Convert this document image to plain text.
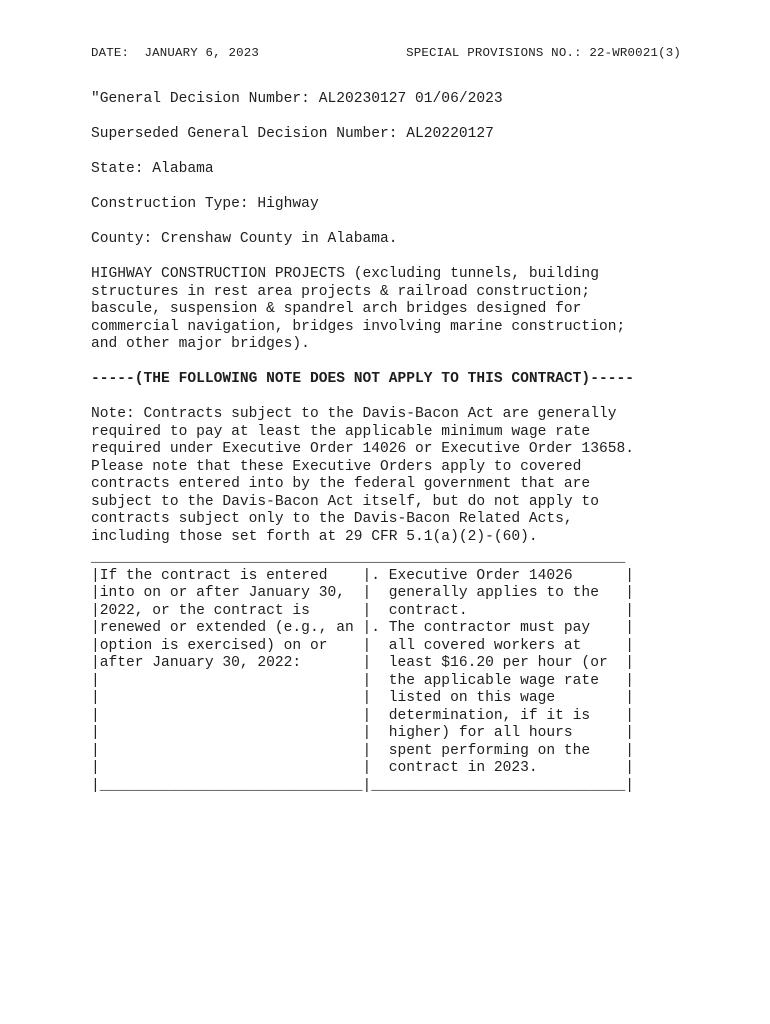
DATE:  JANUARY 6, 2023	SPECIAL PROVISIONS NO.: 22-WR0021(3)

"General Decision Number: AL20230127 01/06/2023

Superseded General Decision Number: AL20220127

State: Alabama

Construction Type: Highway

County: Crenshaw County in Alabama.

HIGHWAY CONSTRUCTION PROJECTS (excluding tunnels, building
structures in rest area projects & railroad construction;
bascule, suspension & spandrel arch bridges designed for
commercial navigation, bridges involving marine construction;
and other major bridges).

-----(THE FOLLOWING NOTE DOES NOT APPLY TO THIS CONTRACT)-----

Note: Contracts subject to the Davis-Bacon Act are generally
required to pay at least the applicable minimum wage rate
required under Executive Order 14026 or Executive Order 13658.
Please note that these Executive Orders apply to covered
contracts entered into by the federal government that are
subject to the Davis-Bacon Act itself, but do not apply to
contracts subject only to the Davis-Bacon Related Acts,
including those set forth at 29 CFR 5.1(a)(2)-(60).

_____________________________________________________________
|If the contract is entered    |. Executive Order 14026      |
|into on or after January 30,  |  generally applies to the   |
|2022, or the contract is      |  contract.                  |
|renewed or extended (e.g., an |. The contractor must pay    |
|option is exercised) on or    |  all covered workers at     |
|after January 30, 2022:       |  least $16.20 per hour (or  |
|                              |  the applicable wage rate   |
|                              |  listed on this wage        |
|                              |  determination, if it is    |
|                              |  higher) for all hours      |
|                              |  spent performing on the    |
|                              |  contract in 2023.          |
|______________________________|_____________________________|
